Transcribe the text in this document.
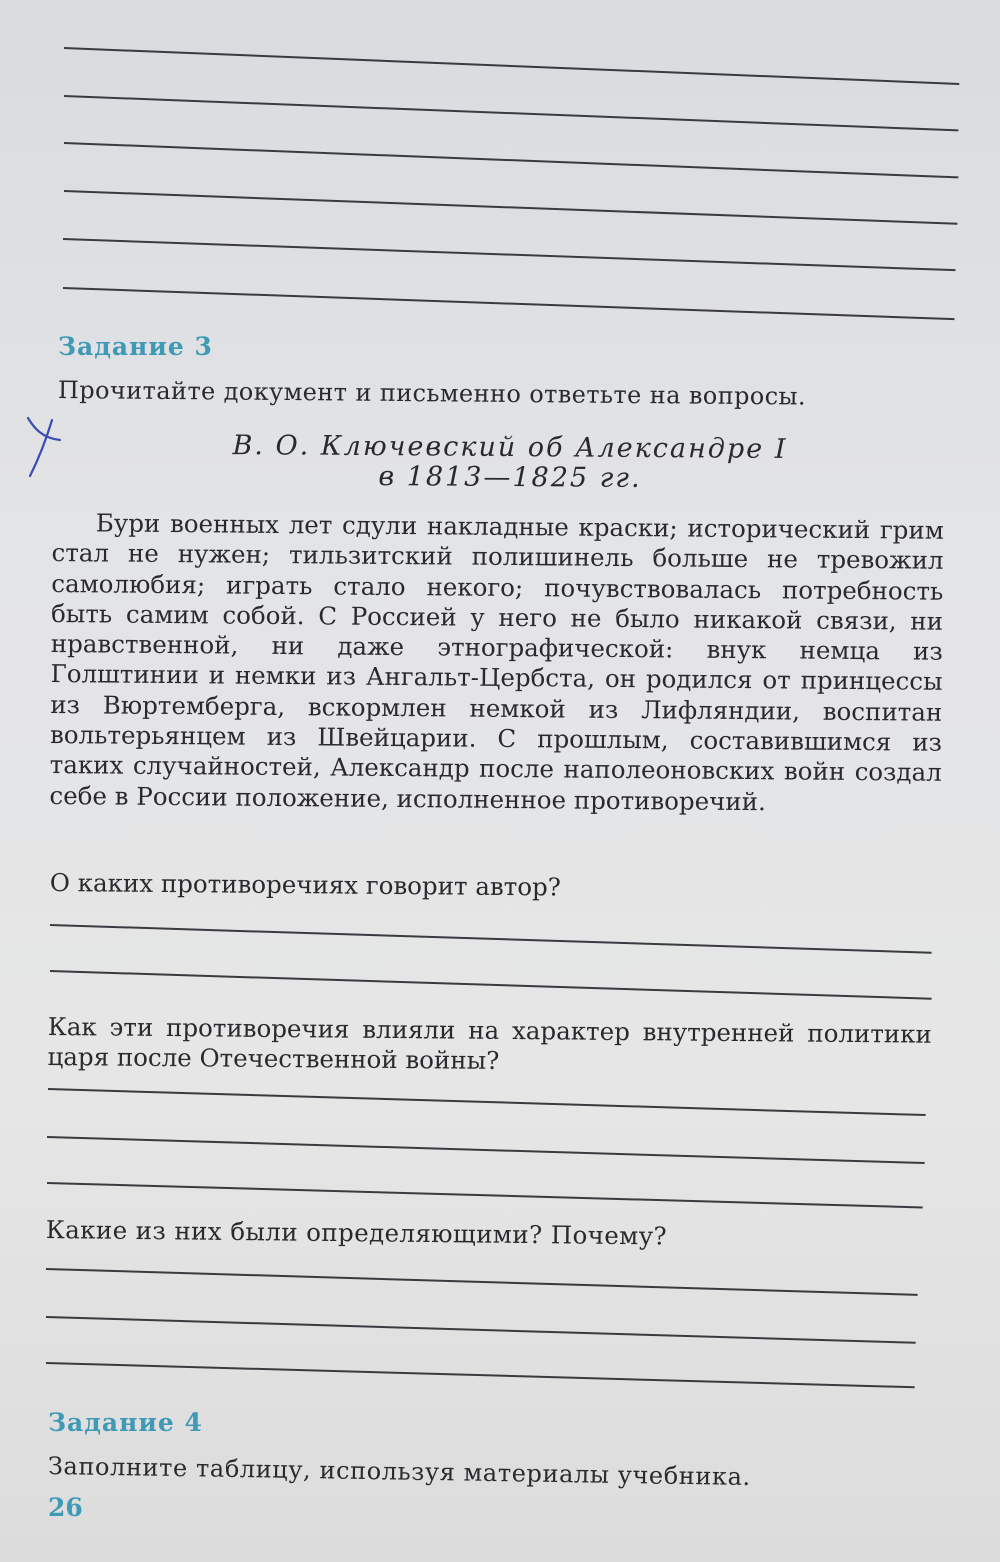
Задание 3
Прочитайте документ и письменно ответьте на вопросы.
В. О. Ключевский об Александре I
в 1813—1825 гг.
Бури военных лет сдули накладные краски; исторический грим стал не нужен; тильзитский полишинель больше не тревожил самолюбия; играть стало некого; почувствовалась потребность быть самим собой. С Россией у него не было никакой связи, ни нравственной, ни даже этнографической: внук немца из Голштинии и немки из Ангальт-Цербста, он родился от принцессы из Вюртемберга, вскормлен немкой из Лифляндии, воспитан вольтерьянцем из Швейцарии. С прошлым, составившимся из таких случайностей, Александр после наполеоновских войн создал себе в России положение, исполненное противоречий.
О каких противоречиях говорит автор?
Как эти противоречия влияли на характер внутренней политики царя после Отечественной войны?
Какие из них были определяющими? Почему?
Задание 4
Заполните таблицу, используя материалы учебника.
26
